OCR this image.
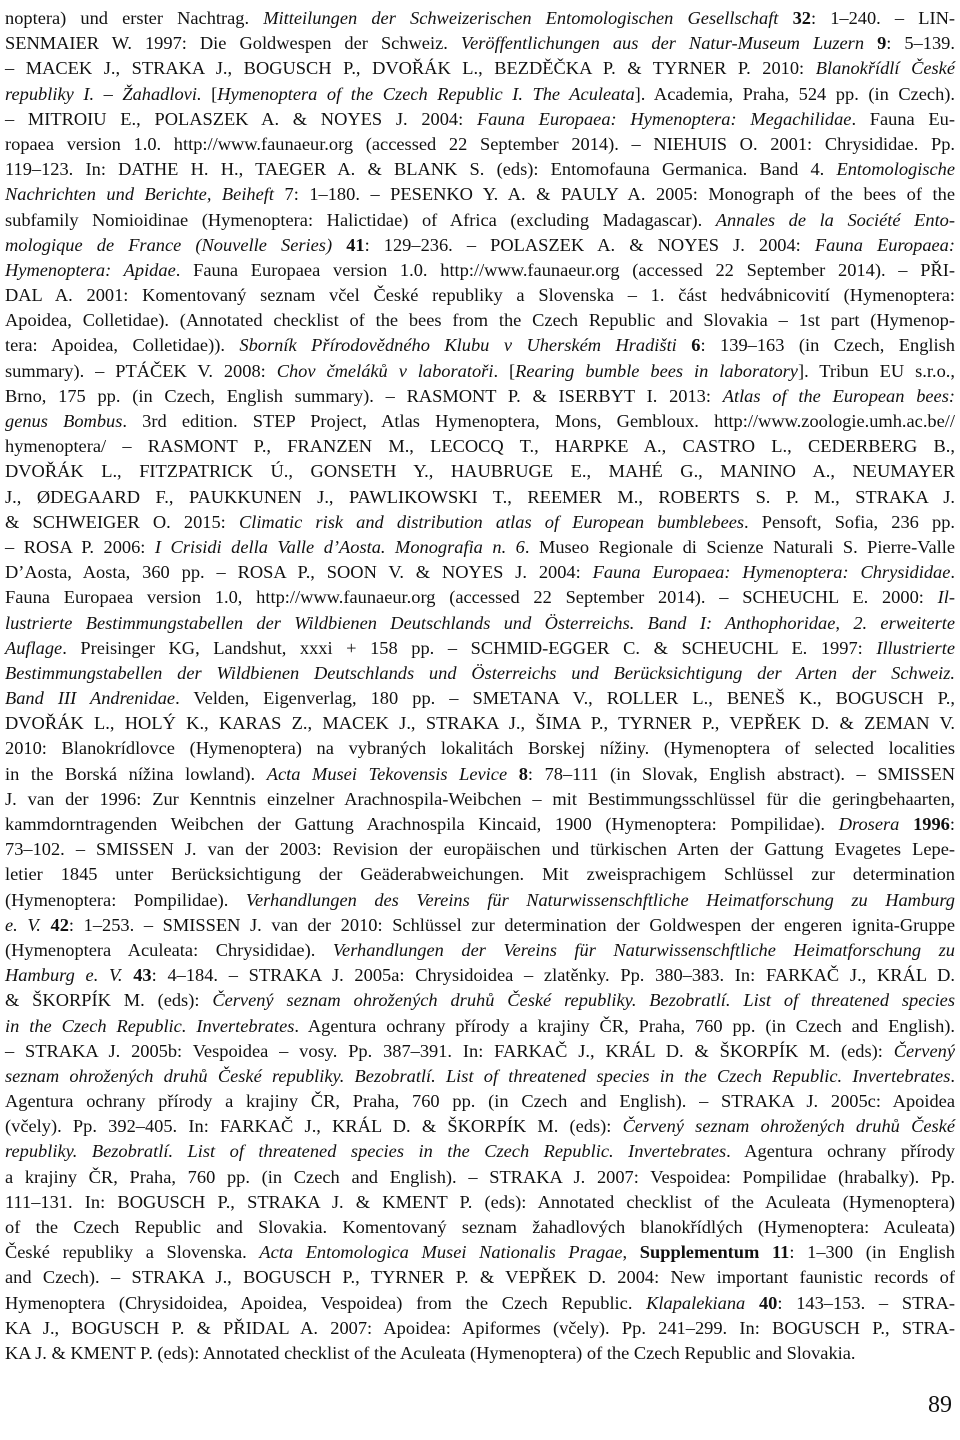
noptera) und erster Nachtrag. Mitteilungen der Schweizerischen Entomologischen Gesellschaft 32: 1–240. – LIN-
SENMAIER W. 1997: Die Goldwespen der Schweiz. Veröffentlichungen aus der Natur-Museum Luzern 9: 5–139.
– MACEK J., STRAKA J., BOGUSCH P., DVOŘÁK L., BEZDĚČKA P. & TYRNER P. 2010: Blanokřídlí České
republiky I. – Žahadlovi. [Hymenoptera of the Czech Republic I. The Aculeata]. Academia, Praha, 524 pp. (in Czech).
– MITROIU E., POLASZEK A. & NOYES J. 2004: Fauna Europaea: Hymenoptera: Megachilidae. Fauna Eu-
ropaea version 1.0. http://www.faunaeur.org (accessed 22 September 2014). – NIEHUIS O. 2001: Chrysididae. Pp.
119–123. In: DATHE H. H., TAEGER A. & BLANK S. (eds): Entomofauna Germanica. Band 4. Entomologische
Nachrichten und Berichte, Beiheft 7: 1–180. – PESENKO Y. A. & PAULY A. 2005: Monograph of the bees of the
subfamily Nomioidinae (Hymenoptera: Halictidae) of Africa (excluding Madagascar). Annales de la Société Ento-
mologique de France (Nouvelle Series) 41: 129–236. – POLASZEK A. & NOYES J. 2004: Fauna Europaea:
Hymenoptera: Apidae. Fauna Europaea version 1.0. http://www.faunaeur.org (accessed 22 September 2014). – PŘI-
DAL A. 2001: Komentovaný seznam včel České republiky a Slovenska – 1. část hedvábnicovití (Hymenoptera:
Apoidea, Colletidae). (Annotated checklist of the bees from the Czech Republic and Slovakia – 1st part (Hymenop-
tera: Apoidea, Colletidae)). Sborník Přírodovědného Klubu v Uherském Hradišti 6: 139–163 (in Czech, English
summary). – PTÁČEK V. 2008: Chov čmeláků v laboratoři. [Rearing bumble bees in laboratory]. Tribun EU s.r.o.,
Brno, 175 pp. (in Czech, English summary). – RASMONT P. & ISERBYT I. 2013: Atlas of the European bees:
genus Bombus. 3rd edition. STEP Project, Atlas Hymenoptera, Mons, Gembloux. http://www.zoologie.umh.ac.be//
hymenoptera/ – RASMONT P., FRANZEN M., LECOCQ T., HARPKE A., CASTRO L., CEDERBERG B.,
DVOŘÁK L., FITZPATRICK Ú., GONSETH Y., HAUBRUGE E., MAHÉ G., MANINO A., NEUMAYER
J., ØDEGAARD F., PAUKKUNEN J., PAWLIKOWSKI T., REEMER M., ROBERTS S. P. M., STRAKA J.
& SCHWEIGER O. 2015: Climatic risk and distribution atlas of European bumblebees. Pensoft, Sofia, 236 pp.
– ROSA P. 2006: I Crisidi della Valle d’Aosta. Monografia n. 6. Museo Regionale di Scienze Naturali S. Pierre-Valle
D’Aosta, Aosta, 360 pp. – ROSA P., SOON V. & NOYES J. 2004: Fauna Europaea: Hymenoptera: Chrysididae.
Fauna Europaea version 1.0, http://www.faunaeur.org (accessed 22 September 2014). – SCHEUCHL E. 2000: Il-
lustrierte Bestimmungstabellen der Wildbienen Deutschlands und Österreichs. Band I: Anthophoridae, 2. erweiterte
Auflage. Preisinger KG, Landshut, xxxi + 158 pp. – SCHMID-EGGER C. & SCHEUCHL E. 1997: Illustrierte
Bestimmungstabellen der Wildbienen Deutschlands und Österreichs und Berücksichtigung der Arten der Schweiz.
Band III Andrenidae. Velden, Eigenverlag, 180 pp. – SMETANA V., ROLLER L., BENEŠ K., BOGUSCH P.,
DVOŘÁK L., HOLÝ K., KARAS Z., MACEK J., STRAKA J., ŠIMA P., TYRNER P., VEPŘEK D. & ZEMAN V.
2010: Blanokrídlovce (Hymenoptera) na vybraných lokalitách Borskej nížiny. (Hymenoptera of selected localities
in the Borská nížina lowland). Acta Musei Tekovensis Levice 8: 78–111 (in Slovak, English abstract). – SMISSEN
J. van der 1996: Zur Kenntnis einzelner Arachnospila-Weibchen – mit Bestimmungsschlüssel für die geringbehaarten,
kammdorntragenden Weibchen der Gattung Arachnospila Kincaid, 1900 (Hymenoptera: Pompilidae). Drosera 1996:
73–102. – SMISSEN J. van der 2003: Revision der europäischen und türkischen Arten der Gattung Evagetes Lepe-
letier 1845 unter Berücksichtigung der Geäderabweichungen. Mit zweisprachigem Schlüssel zur determination
(Hymenoptera: Pompilidae). Verhandlungen des Vereins für Naturwissenschftliche Heimatforschung zu Hamburg
e. V. 42: 1–253. – SMISSEN J. van der 2010: Schlüssel zur determination der Goldwespen der engeren ignita-Gruppe
(Hymenoptera Aculeata: Chrysididae). Verhandlungen der Vereins für Naturwissenschftliche Heimatforschung zu
Hamburg e. V. 43: 4–184. – STRAKA J. 2005a: Chrysidoidea – zlatěnky. Pp. 380–383. In: FARKAČ J., KRÁL D.
& ŠKORPÍK M. (eds): Červený seznam ohrožených druhů České republiky. Bezobratlí. List of threatened species
in the Czech Republic. Invertebrates. Agentura ochrany přírody a krajiny ČR, Praha, 760 pp. (in Czech and English).
– STRAKA J. 2005b: Vespoidea – vosy. Pp. 387–391. In: FARKAČ J., KRÁL D. & ŠKORPÍK M. (eds): Červený
seznam ohrožených druhů České republiky. Bezobratlí. List of threatened species in the Czech Republic. Invertebrates.
Agentura ochrany přírody a krajiny ČR, Praha, 760 pp. (in Czech and English). – STRAKA J. 2005c: Apoidea
(včely). Pp. 392–405. In: FARKAČ J., KRÁL D. & ŠKORPÍK M. (eds): Červený seznam ohrožených druhů České
republiky. Bezobratlí. List of threatened species in the Czech Republic. Invertebrates. Agentura ochrany přírody
a krajiny ČR, Praha, 760 pp. (in Czech and English). – STRAKA J. 2007: Vespoidea: Pompilidae (hrabalky). Pp.
111–131. In: BOGUSCH P., STRAKA J. & KMENT P. (eds): Annotated checklist of the Aculeata (Hymenoptera)
of the Czech Republic and Slovakia. Komentovaný seznam žahadlových blanokřídlých (Hymenoptera: Aculeata)
České republiky a Slovenska. Acta Entomologica Musei Nationalis Pragae, Supplementum 11: 1–300 (in English
and Czech). – STRAKA J., BOGUSCH P., TYRNER P. & VEPŘEK D. 2004: New important faunistic records of
Hymenoptera (Chrysidoidea, Apoidea, Vespoidea) from the Czech Republic. Klapalekiana 40: 143–153. – STRA-
KA J., BOGUSCH P. & PŘIDAL A. 2007: Apoidea: Apiformes (včely). Pp. 241–299. In: BOGUSCH P., STRA-
KA J. & KMENT P. (eds): Annotated checklist of the Aculeata (Hymenoptera) of the Czech Republic and Slovakia.
89
